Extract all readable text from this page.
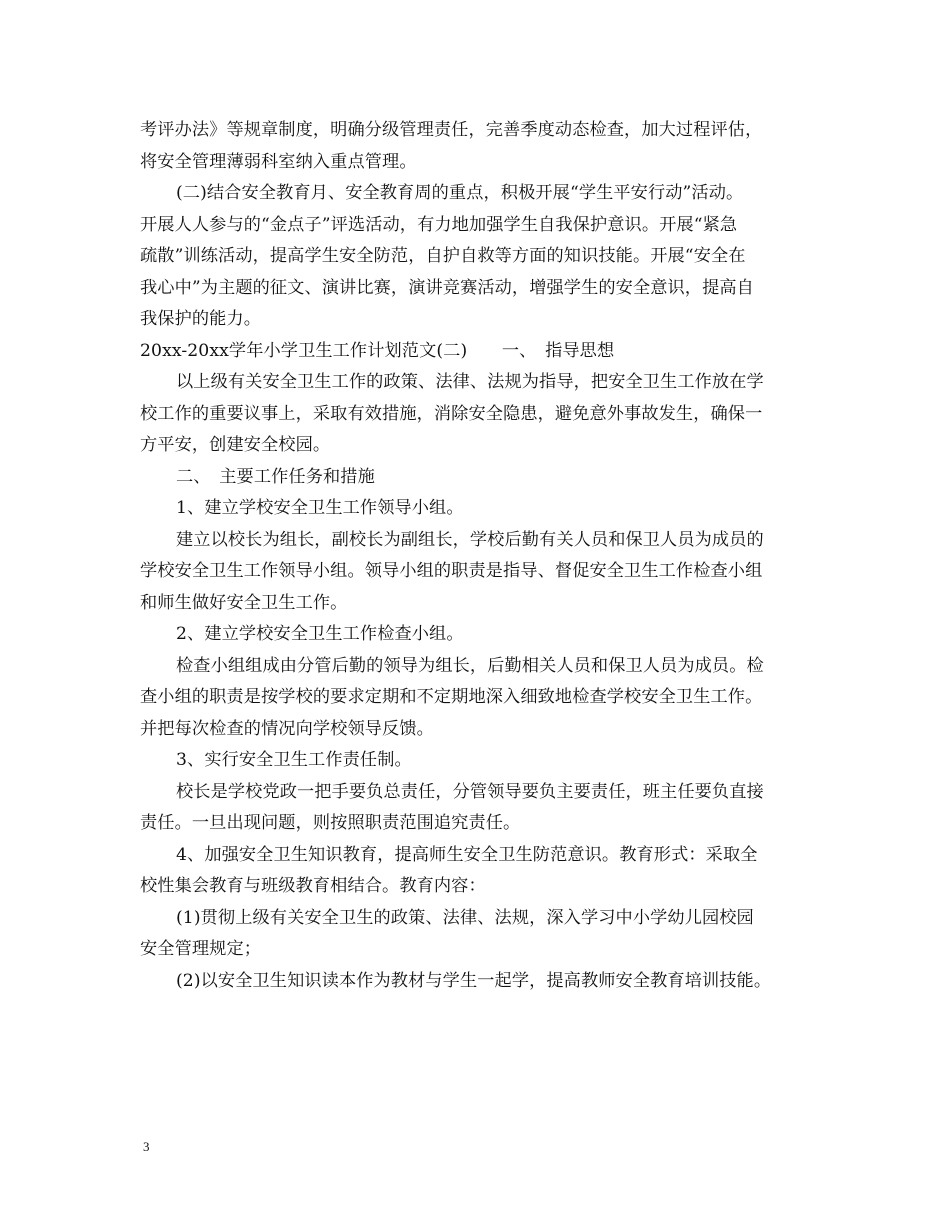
考评办法》等规章制度，明确分级管理责任，完善季度动态检查，加大过程评估，
将安全管理薄弱科室纳入重点管理。
(二)结合安全教育月、安全教育周的重点，积极开展“学生平安行动”活动。
开展人人参与的“金点子”评选活动，有力地加强学生自我保护意识。开展“紧急
疏散”训练活动，提高学生安全防范，自护自救等方面的知识技能。开展“安全在
我心中”为主题的征文、演讲比赛，演讲竞赛活动，增强学生的安全意识，提高自
我保护的能力。
20xx-20xx学年小学卫生工作计划范文(二)　　一、　指导思想
以上级有关安全卫生工作的政策、法律、法规为指导，把安全卫生工作放在学
校工作的重要议事上，采取有效措施，消除安全隐患，避免意外事故发生，确保一
方平安，创建安全校园。
二、　主要工作任务和措施
1、建立学校安全卫生工作领导小组。
建立以校长为组长，副校长为副组长，学校后勤有关人员和保卫人员为成员的
学校安全卫生工作领导小组。领导小组的职责是指导、督促安全卫生工作检查小组
和师生做好安全卫生工作。
2、建立学校安全卫生工作检查小组。
检查小组组成由分管后勤的领导为组长，后勤相关人员和保卫人员为成员。检
查小组的职责是按学校的要求定期和不定期地深入细致地检查学校安全卫生工作。
并把每次检查的情况向学校领导反馈。
3、实行安全卫生工作责任制。
校长是学校党政一把手要负总责任，分管领导要负主要责任，班主任要负直接
责任。一旦出现问题，则按照职责范围追究责任。
4、加强安全卫生知识教育，提高师生安全卫生防范意识。教育形式：采取全
校性集会教育与班级教育相结合。教育内容：
(1)贯彻上级有关安全卫生的政策、法律、法规，深入学习中小学幼儿园校园
安全管理规定；
(2)以安全卫生知识读本作为教材与学生一起学，提高教师安全教育培训技能。
3
